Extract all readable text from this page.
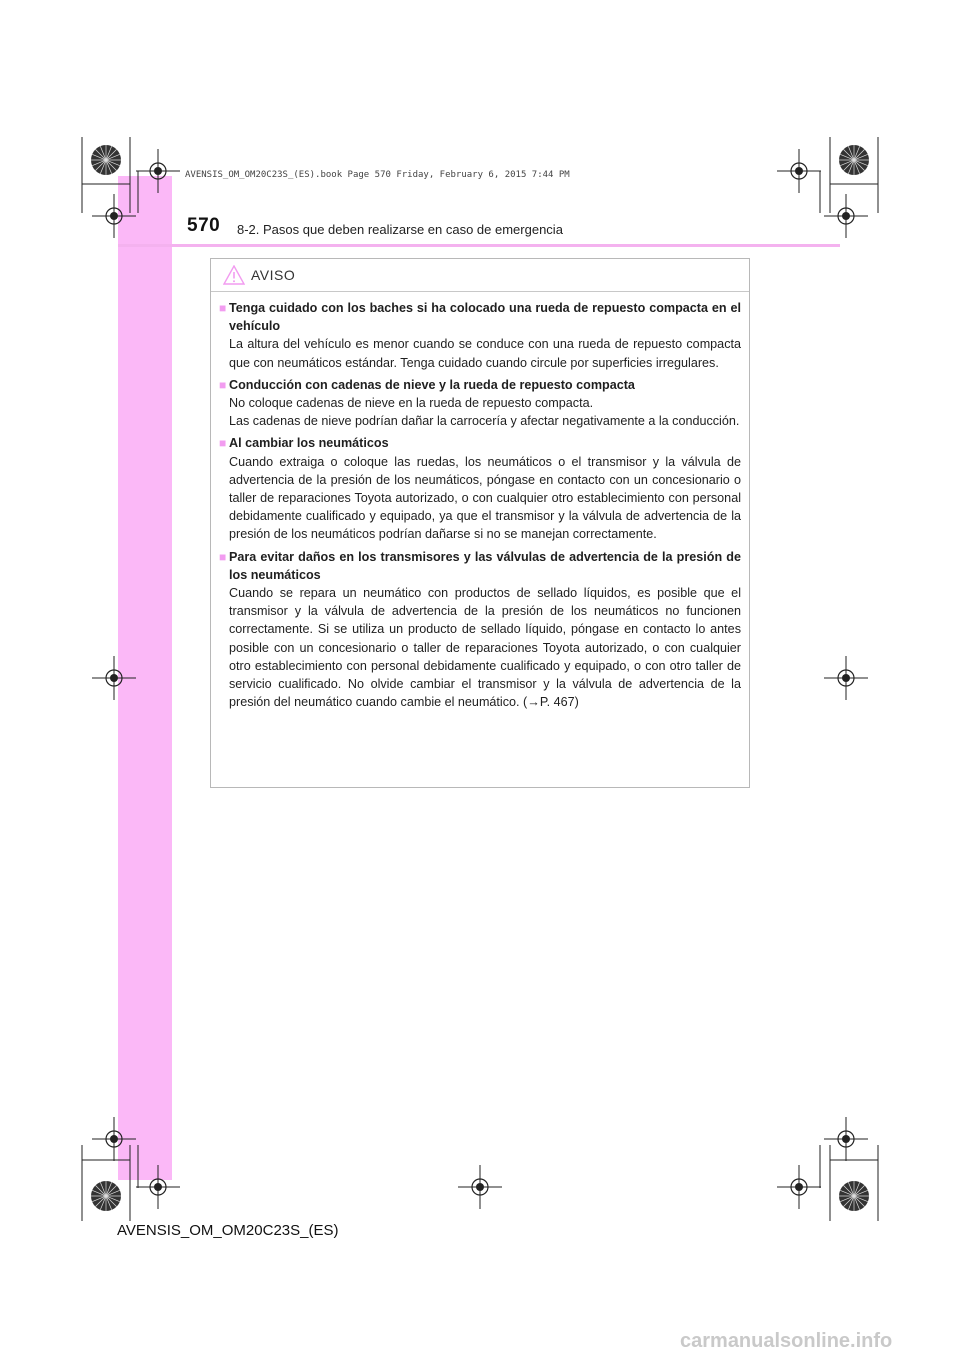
AVENSIS_OM_OM20C23S_(ES).book Page 570 Friday, February 6, 2015 7:44 PM
570 8-2. Pasos que deben realizarse en caso de emergencia
AVISO
■ Tenga cuidado con los baches si ha colocado una rueda de repuesto compacta en el vehículo
La altura del vehículo es menor cuando se conduce con una rueda de repuesto compacta que con neumáticos estándar. Tenga cuidado cuando circule por superficies irregulares.
■ Conducción con cadenas de nieve y la rueda de repuesto compacta
No coloque cadenas de nieve en la rueda de repuesto compacta.
Las cadenas de nieve podrían dañar la carrocería y afectar negativamente a la conducción.
■ Al cambiar los neumáticos
Cuando extraiga o coloque las ruedas, los neumáticos o el transmisor y la válvula de advertencia de la presión de los neumáticos, póngase en contacto con un concesionario o taller de reparaciones Toyota autorizado, o con cualquier otro establecimiento con personal debidamente cualificado y equipado, ya que el transmisor y la válvula de advertencia de la presión de los neumáticos podrían dañarse si no se manejan correctamente.
■ Para evitar daños en los transmisores y las válvulas de advertencia de la presión de los neumáticos
Cuando se repara un neumático con productos de sellado líquidos, es posible que el transmisor y la válvula de advertencia de la presión de los neumáticos no funcionen correctamente. Si se utiliza un producto de sellado líquido, póngase en contacto lo antes posible con un concesionario o taller de reparaciones Toyota autorizado, o con cualquier otro establecimiento con personal debidamente cualificado y equipado, o con otro taller de servicio cualificado. No olvide cambiar el transmisor y la válvula de advertencia de la presión del neumático cuando cambie el neumático. (→P. 467)
AVENSIS_OM_OM20C23S_(ES)
carmanualsonline.info
